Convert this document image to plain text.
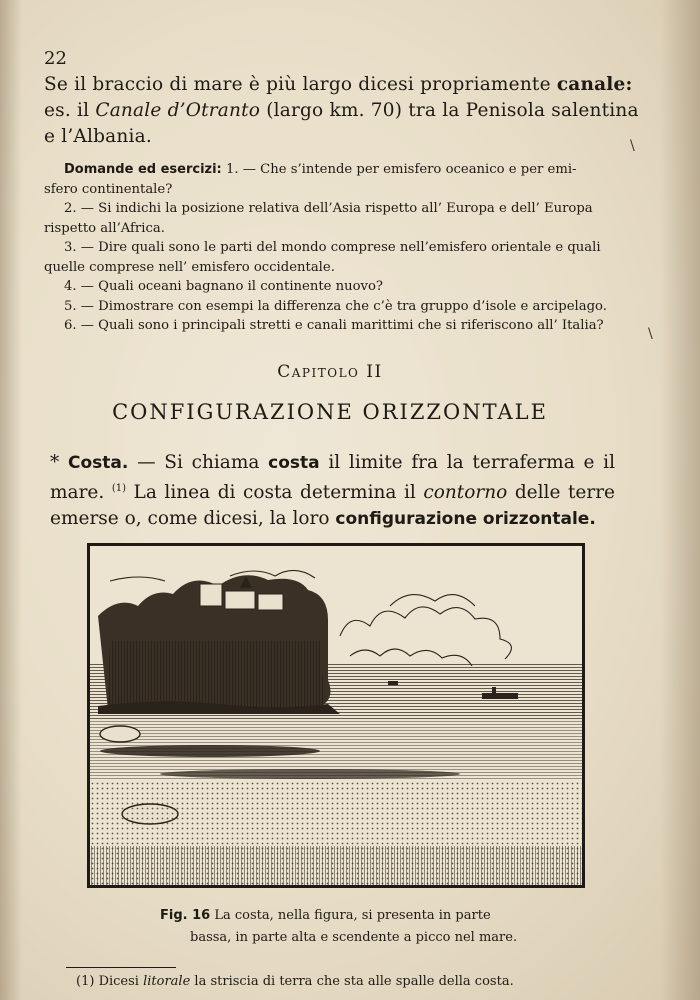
22
Se il braccio di mare è più largo dicesi propriamente canale: es. il Canale d’Otranto (largo km. 70) tra la Penisola salentina e l’Albania.

Domande ed esercizi: 1. — Che s’intende per emisfero oceanico e per emi-

sfero continentale?

2. — Si indichi la posizione relativa dell’Asia rispetto all’ Europa e dell’ Europa

rispetto all’Africa.

3. — Dire quali sono le parti del mondo comprese nell’emisfero orientale e quali

quelle comprese nell’ emisfero occidentale.

4. — Quali oceani bagnano il continente nuovo?

5. — Dimostrare con esempi la differenza che c’è tra gruppo d’isole e arcipelago.

6. — Quali sono i principali stretti e canali marittimi che si riferiscono all’ Italia?

\
\
Capitolo II
CONFIGURAZIONE ORIZZONTALE
* Costa. — Si chiama costa il limite fra la terraferma e il mare. $^{(1)}$ La linea di costa determina il contorno delle terre emerse o, come dicesi, la loro configurazione orizzontale.
Fig. 16 La costa, nella figura, si presenta in parte
bassa, in parte alta e scendente a picco nel mare.
(1) Dicesi litorale la striscia di terra che sta alle spalle della costa.
